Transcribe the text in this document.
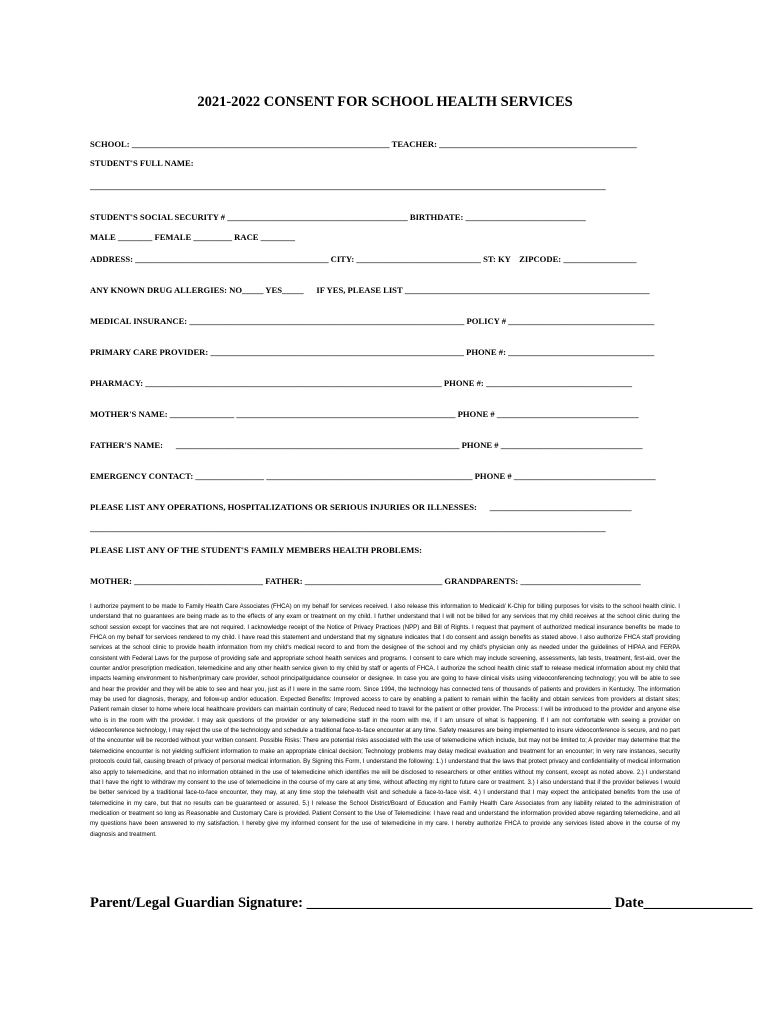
2021-2022 CONSENT FOR SCHOOL HEALTH SERVICES
SCHOOL: ____________________________________________________________ TEACHER: ______________________________________________
STUDENT'S FULL NAME:
________________________________________________________________________________________________________________________
STUDENT'S SOCIAL SECURITY # __________________________________________ BIRTHDATE: ____________________________
MALE ________ FEMALE _________ RACE ________
ADDRESS: _____________________________________________ CITY: _____________________________ ST: KY    ZIPCODE: _________________
ANY KNOWN DRUG ALLERGIES: NO_____ YES_____      IF YES, PLEASE LIST _________________________________________________________
MEDICAL INSURANCE: ________________________________________________________________ POLICY # __________________________________
PRIMARY CARE PROVIDER: ___________________________________________________________ PHONE #: __________________________________
PHARMACY: _____________________________________________________________________ PHONE #: __________________________________
MOTHER'S NAME: _______________ ___________________________________________________ PHONE # _________________________________
FATHER'S NAME:      __________________________________________________________________ PHONE # _________________________________
EMERGENCY CONTACT: ________________ ________________________________________________ PHONE # _________________________________
PLEASE LIST ANY OPERATIONS, HOSPITALIZATIONS OR SERIOUS INJURIES OR ILLNESSES:      _________________________________
________________________________________________________________________________________________________________________
PLEASE LIST ANY OF THE STUDENT'S FAMILY MEMBERS HEALTH PROBLEMS:
MOTHER: ______________________________ FATHER: ________________________________ GRANDPARENTS: ____________________________
I authorize payment to be made to Family Health Care Associates (FHCA) on my behalf for services received. I also release this information to Medicaid/ K-Chip for billing purposes for visits to the school health clinic. I understand that no guarantees are being made as to the effects of any exam or treatment on my child. I further understand that I will not be billed for any services that my child receives at the school clinic during the school session except for vaccines that are not required. I acknowledge receipt of the Notice of Privacy Practices (NPP) and Bill of Rights. I request that payment of authorized medical insurance benefits be made to FHCA on my behalf for services rendered to my child. I have read this statement and understand that my signature indicates that I do consent and assign benefits as stated above. I also authorize FHCA staff providing services at the school clinic to provide health information from my child's medical record to and from the designee of the school and my child's physician only as needed under the guidelines of HIPAA and FERPA consistent with Federal Laws for the purpose of providing safe and appropriate school health services and programs. I consent to care which may include screening, assessments, lab tests, treatment, first-aid, over the counter and/or prescription medication, telemedicine and any other health service given to my child by staff or agents of FHCA. I authorize the school health clinic staff to release medical information about my child that impacts learning environment to his/her/primary care provider, school principal/guidance counselor or designee. In case you are going to have clinical visits using videoconferencing technology; you will be able to see and hear the provider and they will be able to see and hear you, just as if I were in the same room. Since 1994, the technology has connected tens of thousands of patients and providers in Kentucky. The information may be used for diagnosis, therapy, and follow-up and/or education. Expected Benefits: Improved access to care by enabling a patient to remain within the facility and obtain services from providers at distant sites; Patient remain closer to home where local healthcare providers can maintain continuity of care; Reduced need to travel for the patient or other provider. The Process: I will be introduced to the provider and anyone else who is in the room with the provider. I may ask questions of the provider or any telemedicine staff in the room with me, if I am unsure of what is happening. If I am not comfortable with seeing a provider on videoconference technology, I may reject the use of the technology and schedule a traditional face-to-face encounter at any time. Safety measures are being implemented to insure videoconference is secure, and no part of the encounter will be recorded without your written consent. Possible Risks: There are potential risks associated with the use of telemedicine which include, but may not be limited to; A provider may determine that the telemedicine encounter is not yielding sufficient information to make an appropriate clinical decision; Technology problems may delay medical evaluation and treatment for an encounter; In very rare instances, security protocols could fail, causing breach of privacy of personal medical information. By Signing this Form, I understand the following: 1.) I understand that the laws that protect privacy and confidentiality of medical information also apply to telemedicine, and that no information obtained in the use of telemedicine which identifies me will be disclosed to researchers or other entities without my consent, except as noted above. 2.) I understand that I have the right to withdraw my consent to the use of telemedicine in the course of my care at any time, without affecting my right to future care or treatment. 3.) I also understand that if the provider believes I would be better serviced by a traditional face-to-face encounter, they may, at any time stop the telehealth visit and schedule a face-to-face visit. 4.) I understand that I may expect the anticipated benefits from the use of telemedicine in my care, but that no results can be guaranteed or assured. 5.) I release the School District/Board of Education and Family Health Care Associates from any liability related to the administration of medication or treatment so long as Reasonable and Customary Care is provided. Patient Consent to the Use of Telemedicine: I have read and understand the information provided above regarding telemedicine, and all my questions have been answered to my satisfaction. I hereby give my informed consent for the use of telemedicine in my care. I hereby authorize FHCA to provide any services listed above in the course of my diagnosis and treatment.
Parent/Legal Guardian Signature: __________________________________________ Date_______________
